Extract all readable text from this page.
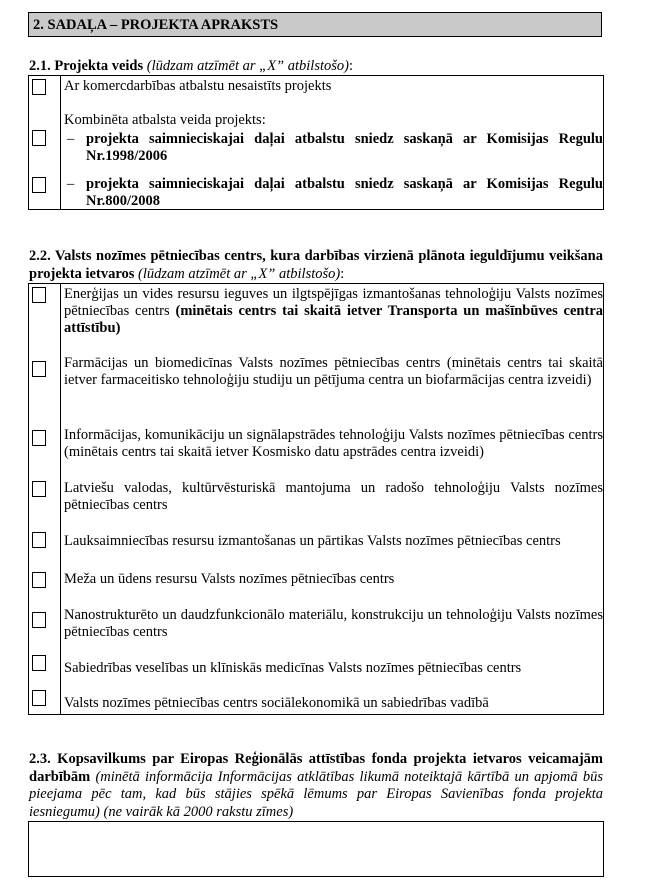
2. SADAĻA – PROJEKTA APRAKSTS
2.1. Projekta veids (lūdzam atzīmēt ar „X” atbilstošo):
Ar komercdarbības atbalstu nesaistīts projekts
Kombinēta atbalsta veida projekts:
– projekta saimnieciskajai daļai atbalstu sniedz saskaņā ar Komisijas Regulu Nr.1998/2006
– projekta saimnieciskajai daļai atbalstu sniedz saskaņā ar Komisijas Regulu Nr.800/2008
2.2. Valsts nozīmes pētniecības centrs, kura darbības virzienā plānota ieguldījumu veikšana projekta ietvaros (lūdzam atzīmēt ar „X” atbilstošo):
Enerģijas un vides resursu ieguves un ilgtspējīgas izmantošanas tehnoloģiju Valsts nozīmes pētniecības centrs (minētais centrs tai skaitā ietver Transporta un mašīnbūves centra attīstību)
Farmācijas un biomedicīnas Valsts nozīmes pētniecības centrs (minētais centrs tai skaitā ietver farmaceitisko tehnoloģiju studiju un pētījuma centra un biofarmācijas centra izveidi)
Informācijas, komunikāciju un signālapstrādes tehnoloģiju Valsts nozīmes pētniecības centrs (minētais centrs tai skaitā ietver Kosmisko datu apstrādes centra izveidi)
Latviešu valodas, kultūrvēsturiskā mantojuma un radošo tehnoloģiju Valsts nozīmes pētniecības centrs
Lauksaimniecības resursu izmantošanas un pārtikas Valsts nozīmes pētniecības centrs
Meža un ūdens resursu Valsts nozīmes pētniecības centrs
Nanostrukturēto un daudzfunkcionālo materiālu, konstrukciju un tehnoloģiju Valsts nozīmes pētniecības centrs
Sabiedrības veselības un klīniskās medicīnas Valsts nozīmes pētniecības centrs
Valsts nozīmes pētniecības centrs sociālekonomikā un sabiedrības vadībā
2.3. Kopsavilkums par Eiropas Reģionālās attīstības fonda projekta ietvaros veicamajām darbībām (minētā informācija Informācijas atklātības likumā noteiktajā kārtībā un apjomā būs pieejama pēc tam, kad būs stājies spēkā lēmums par Eiropas Savienības fonda projekta iesniegumu) (ne vairāk kā 2000 rakstu zīmes)
